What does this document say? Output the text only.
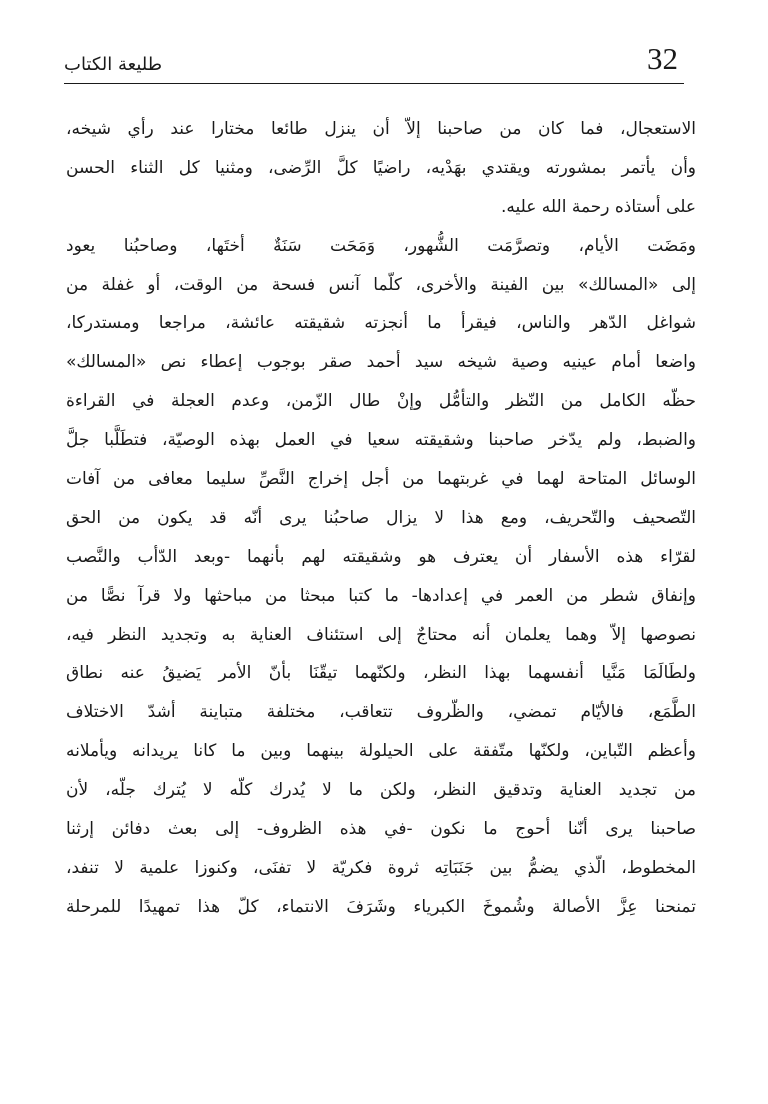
32
طليعة الكتاب
الاستعجال، فما كان من صاحبنا إلاّ أن ينزل طائعا مختارا عند رأي شيخه،
وأن يأتمر بمشورته ويقتدي بهَدْيه، راضيًا كلَّ الرِّضى، ومثنيا كل الثناء الحسن
على أستاذه رحمة الله عليه.
ومَضَت الأيام، وتصرَّمَت الشُّهور، وَمَحَت سَنَةٌ أختَها، وصاحبُنا يعود
إلى «المسالك» بين الفينة والأخرى، كلّما آنس فسحة من الوقت، أو غفلة من
شواغل الدّهر والناس، فيقرأ ما أنجزته شقيقته عائشة، مراجعا ومستدركا،
واضعا أمام عينيه وصية شيخه سيد أحمد صقر بوجوب إعطاء نص «المسالك»
حظّه الكامل من النّظر والتأمُّل وإنْ طال الزّمن، وعدم العجلة في القراءة
والضبط، ولم يدّخر صاحبنا وشقيقته سعيا في العمل بهذه الوصيّة، فتطَلَّبا جلَّ
الوسائل المتاحة لهما في غربتهما من أجل إخراج النَّصِّ سليما معافى من آفات
التّصحيف والتّحريف، ومع هذا لا يزال صاحبُنا يرى أنّه قد يكون من الحق
لقرّاء هذه الأسفار أن يعترف هو وشقيقته لهم بأنهما -وبعد الدّأب والنَّصب
وإنفاق شطر من العمر في إعدادها- ما كتبا مبحثا من مباحثها ولا قرآ نصًّا من
نصوصها إلاّ وهما يعلمان أنه محتاجٌ إلى استئناف العناية به وتجديد النظر فيه،
ولطَالَمَا مَنَّيا أنفسهما بهذا النظر، ولكنّهما تيقّنَا بأنّ الأمر يَضيقُ عنه نطاق
الطَّمَع، فالأيّام تمضي، والظّروف تتعاقب، مختلفة متباينة أشدّ الاختلاف
وأعظم التّباين، ولكنّها متّفقة على الحيلولة بينهما وبين ما كانا يريدانه ويأملانه
من تجديد العناية وتدقيق النظر، ولكن ما لا يُدرك كلّه لا يُترك جلّه، لأن
صاحبنا يرى أنّنا أحوج ما نكون -في هذه الظروف- إلى بعث دفائن إرثنا
المخطوط، الّذي يضمُّ بين جَنَبَاتِه ثروة فكريّة لا تفنَى، وكنوزا علمية لا تنفد،
تمنحنا عِزَّ الأصالة وشُموخَ الكبرياء وشَرَفَ الانتماء، كلّ هذا تمهيدًا للمرحلة
